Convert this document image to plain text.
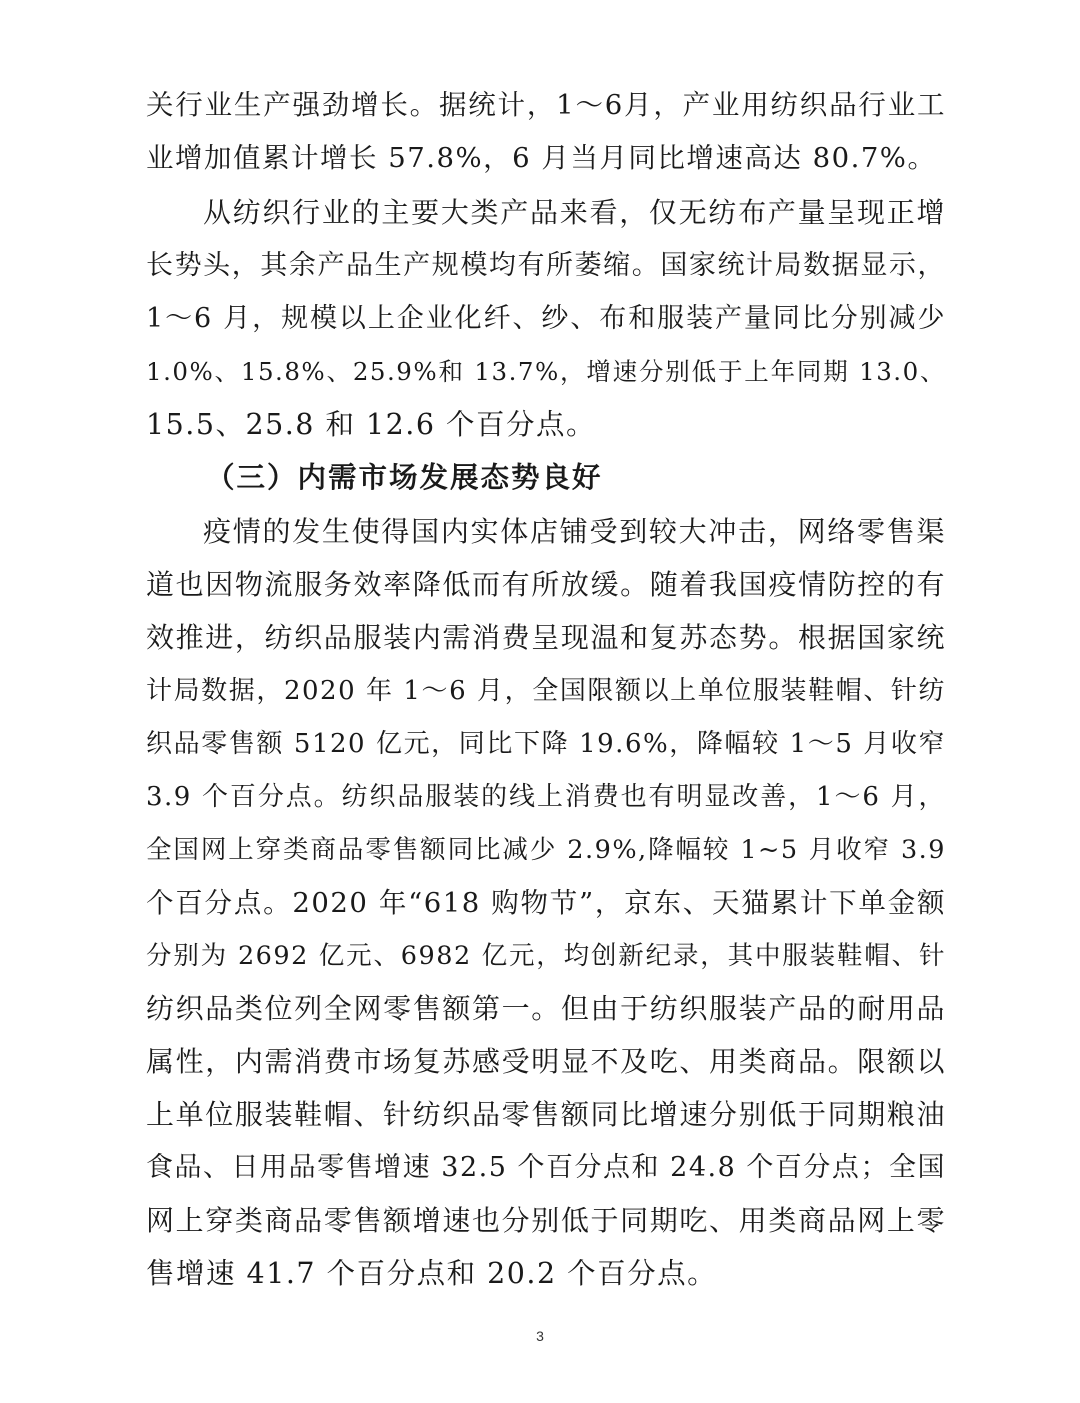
关行业生产强劲增长。据统计，1～6月，产业用纺织品行业工
业增加值累计增长 57.8%，6 月当月同比增速高达 80.7%。
从纺织行业的主要大类产品来看，仅无纺布产量呈现正增
长势头，其余产品生产规模均有所萎缩。国家统计局数据显示，
1～6 月，规模以上企业化纤、纱、布和服装产量同比分别减少
1.0%、15.8%、25.9%和 13.7%，增速分别低于上年同期 13.0、
15.5、25.8 和 12.6 个百分点。
（三）内需市场发展态势良好
疫情的发生使得国内实体店铺受到较大冲击，网络零售渠
道也因物流服务效率降低而有所放缓。随着我国疫情防控的有
效推进，纺织品服装内需消费呈现温和复苏态势。根据国家统
计局数据，2020 年 1～6 月，全国限额以上单位服装鞋帽、针纺
织品零售额 5120 亿元，同比下降 19.6%，降幅较 1～5 月收窄
3.9 个百分点。纺织品服装的线上消费也有明显改善，1～6 月，
全国网上穿类商品零售额同比减少 2.9%,降幅较 1~5 月收窄 3.9
个百分点。2020 年“618 购物节”，京东、天猫累计下单金额
分别为 2692 亿元、6982 亿元，均创新纪录，其中服装鞋帽、针
纺织品类位列全网零售额第一。但由于纺织服装产品的耐用品
属性，内需消费市场复苏感受明显不及吃、用类商品。限额以
上单位服装鞋帽、针纺织品零售额同比增速分别低于同期粮油
食品、日用品零售增速 32.5 个百分点和 24.8 个百分点；全国
网上穿类商品零售额增速也分别低于同期吃、用类商品网上零
售增速 41.7 个百分点和 20.2 个百分点。
3
